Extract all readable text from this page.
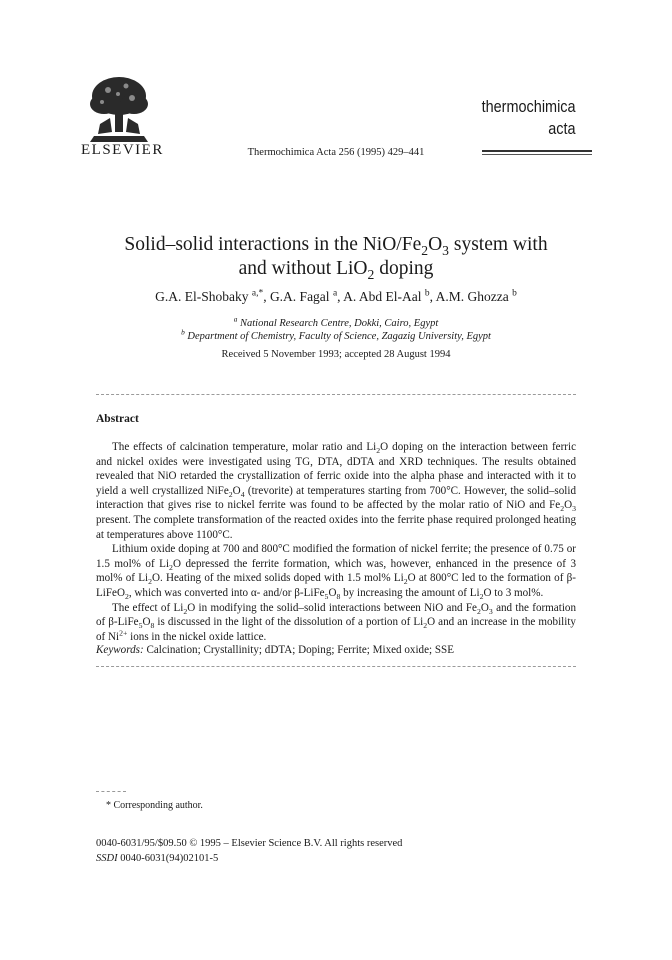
ELSEVIER	Thermochimica Acta 256 (1995) 429–441
thermochimica
acta
Solid–solid interactions in the NiO/$Fe_2O_3$ system with
and without LiO$_2$ doping
G.A. El-Shobaky $^{a,*}$, G.A. Fagal $^a$, A. Abd El-Aal $^b$, A.M. Ghozza $^b$
$^a$ National Research Centre, Dokki, Cairo, Egypt
$^b$ Department of Chemistry, Faculty of Science, Zagazig University, Egypt
Received 5 November 1993; accepted 28 August 1994
Abstract

The effects of calcination temperature, molar ratio and $Li_2O$ doping on the interaction between ferric and nickel oxides were investigated using TG, DTA, dDTA and XRD techniques. The results obtained revealed that NiO retarded the crystallization of ferric oxide into the alpha phase and interacted with it to yield a well crystallized $NiFe_2O_4$ (trevorite) at temperatures starting from 700°C. However, the solid–solid interaction that gives rise to nickel ferrite was found to be affected by the molar ratio of NiO and $Fe_2O_3$ present. The complete transformation of the reacted oxides into the ferrite phase required prolonged heating at temperatures above 1100°C.

Lithium oxide doping at 700 and 800°C modified the formation of nickel ferrite; the presence of 0.75 or 1.5 mol% of $Li_2O$ depressed the ferrite formation, which was, however, enhanced in the presence of 3 mol% of $Li_2O$. Heating of the mixed solids doped with 1.5 mol% $Li_2O$ at 800°C led to the formation of β-LiFeO$_2$, which was converted into α- and/or $\beta-LiFe_5O_8$ by increasing the amount of $Li_2O$ to 3 mol%.

The effect of $Li_2O$ in modifying the solid–solid interactions between NiO and $Fe_2O_3$ and the formation of $\beta-LiFe_5O_8$ is discussed in the light of the dissolution of a portion of $Li_2O$ and an increase in the mobility of $Ni^{2+}$ ions in the nickel oxide lattice.

Keywords: Calcination; Crystallinity; dDTA; Doping; Ferrite; Mixed oxide; SSE
* Corresponding author.
0040-6031/95/$09.50 © 1995 – Elsevier Science B.V. All rights reserved
SSDI 0040-6031(94)02101-5
